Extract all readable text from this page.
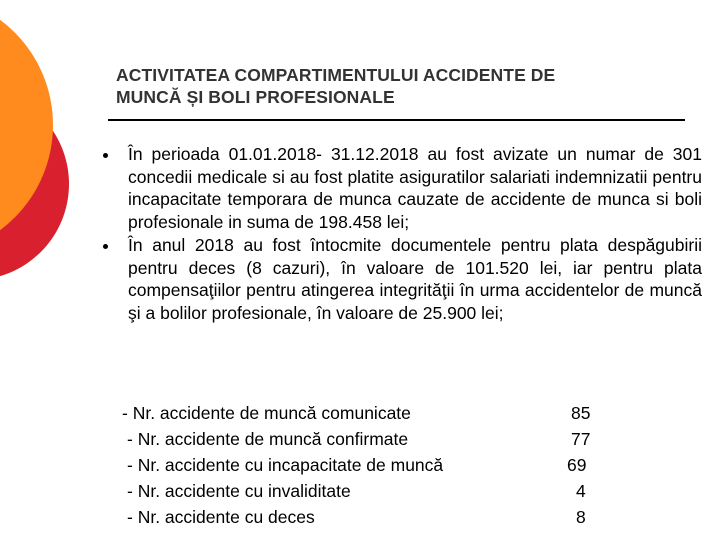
ACTIVITATEA COMPARTIMENTULUI ACCIDENTE DE
MUNCĂ ȘI BOLI PROFESIONALE
În perioada 01.01.2018- 31.12.2018 au fost avizate un numar de 301 concedii medicale si au fost platite asiguratilor salariati indemnizatii pentru incapacitate temporara de munca cauzate de accidente de munca si boli profesionale in suma de 198.458 lei;
În anul 2018 au fost întocmite documentele pentru plata despăgubirii pentru deces (8 cazuri), în valoare de 101.520 lei, iar pentru plata compensaţiilor pentru atingerea integrităţii în urma accidentelor de muncă şi a bolilor profesionale, în valoare de 25.900 lei;
- Nr. accidente de muncă comunicate	85
- Nr. accidente de muncă confirmate	77
- Nr. accidente cu incapacitate de muncă	69
- Nr. accidente cu invaliditate	4
- Nr. accidente cu deces	8
